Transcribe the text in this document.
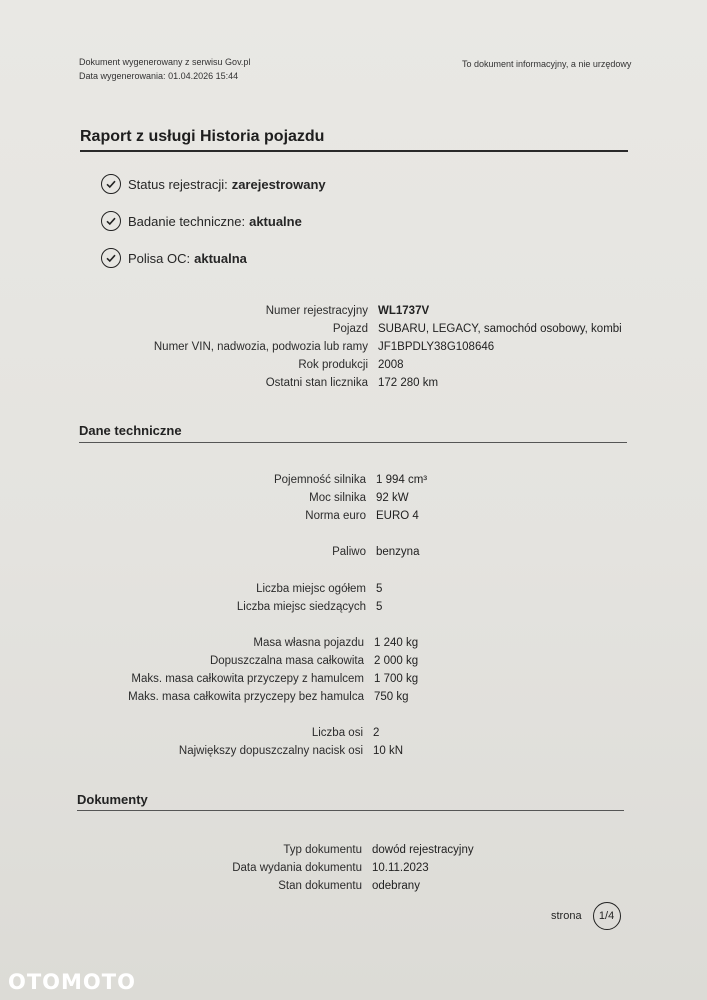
Dokument wygenerowany z serwisu Gov.pl
Data wygenerowania: 01.04.2026 15:44
To dokument informacyjny, a nie urzędowy
Raport z usługi Historia pojazdu
Status rejestracji: zarejestrowany
Badanie techniczne: aktualne
Polisa OC: aktualna
Numer rejestracyjny WL1737V
Pojazd SUBARU, LEGACY, samochód osobowy, kombi
Numer VIN, nadwozia, podwozia lub ramy JF1BPDLY38G108646
Rok produkcji 2008
Ostatni stan licznika 172 280 km
Dane techniczne
Pojemność silnika 1 994 cm³
Moc silnika 92 kW
Norma euro EURO 4
Paliwo benzyna
Liczba miejsc ogółem 5
Liczba miejsc siedzących 5
Masa własna pojazdu 1 240 kg
Dopuszczalna masa całkowita 2 000 kg
Maks. masa całkowita przyczepy z hamulcem 1 700 kg
Maks. masa całkowita przyczepy bez hamulca 750 kg
Liczba osi 2
Największy dopuszczalny nacisk osi 10 kN
Dokumenty
Typ dokumentu dowód rejestracyjny
Data wydania dokumentu 10.11.2023
Stan dokumentu odebrany
strona	1/4
OTOMOTO
